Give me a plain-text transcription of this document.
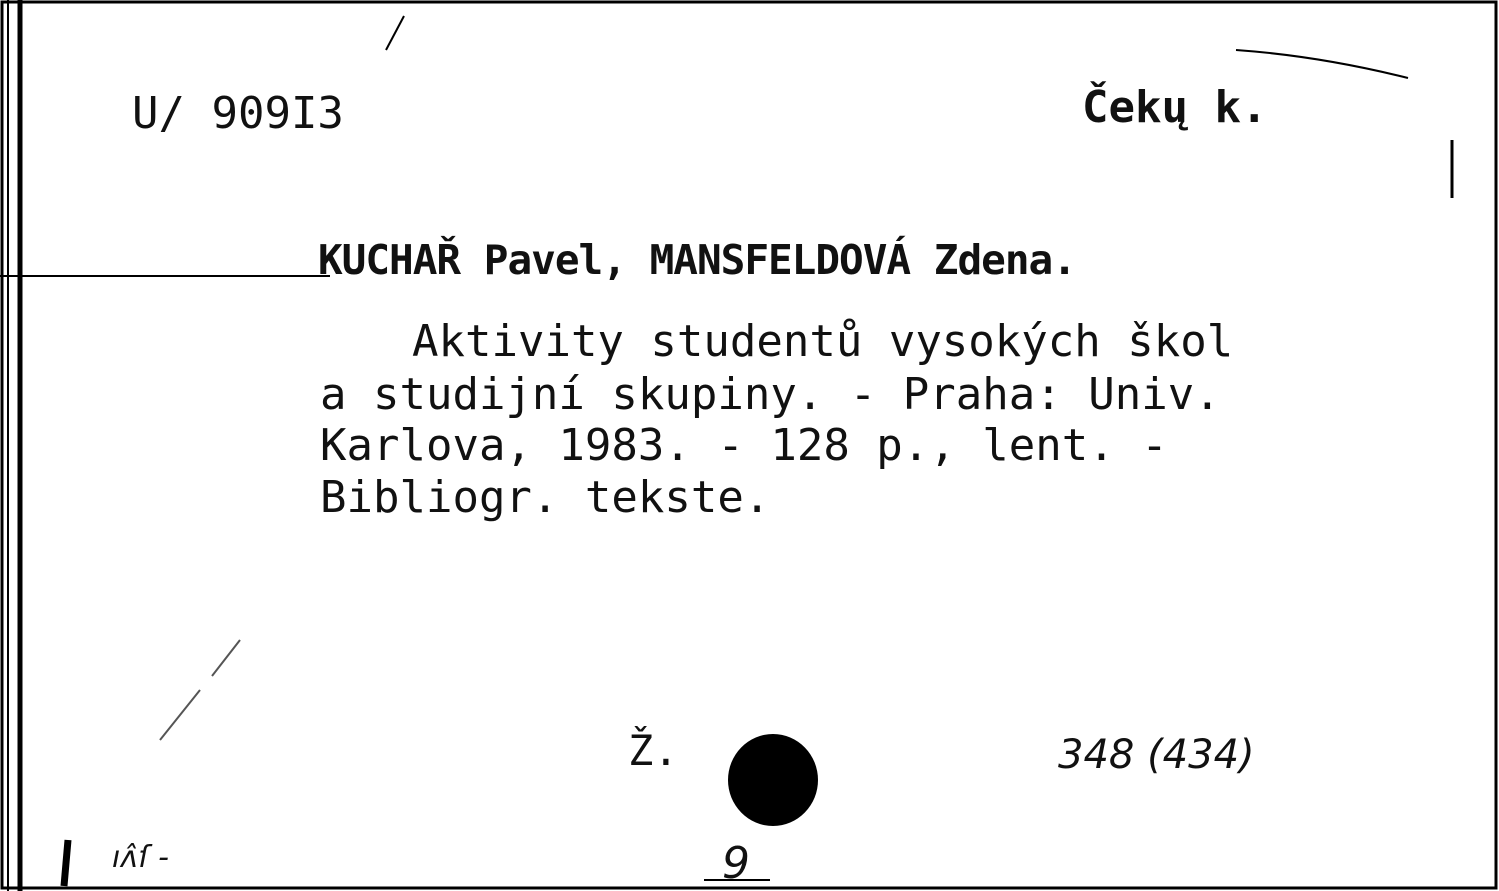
U/ 909I3	Čekų k.
KUCHAŘ Pavel, MANSFELDOVÁ Zdena.
Aktivity studentů vysokých škol
a studijní skupiny. - Praha: Univ.
Karlova, 1983. - 128 p., lent. -
Bibliogr. tekste.
Ž.	348 (434)
9
ıᴧ̂ſ -
